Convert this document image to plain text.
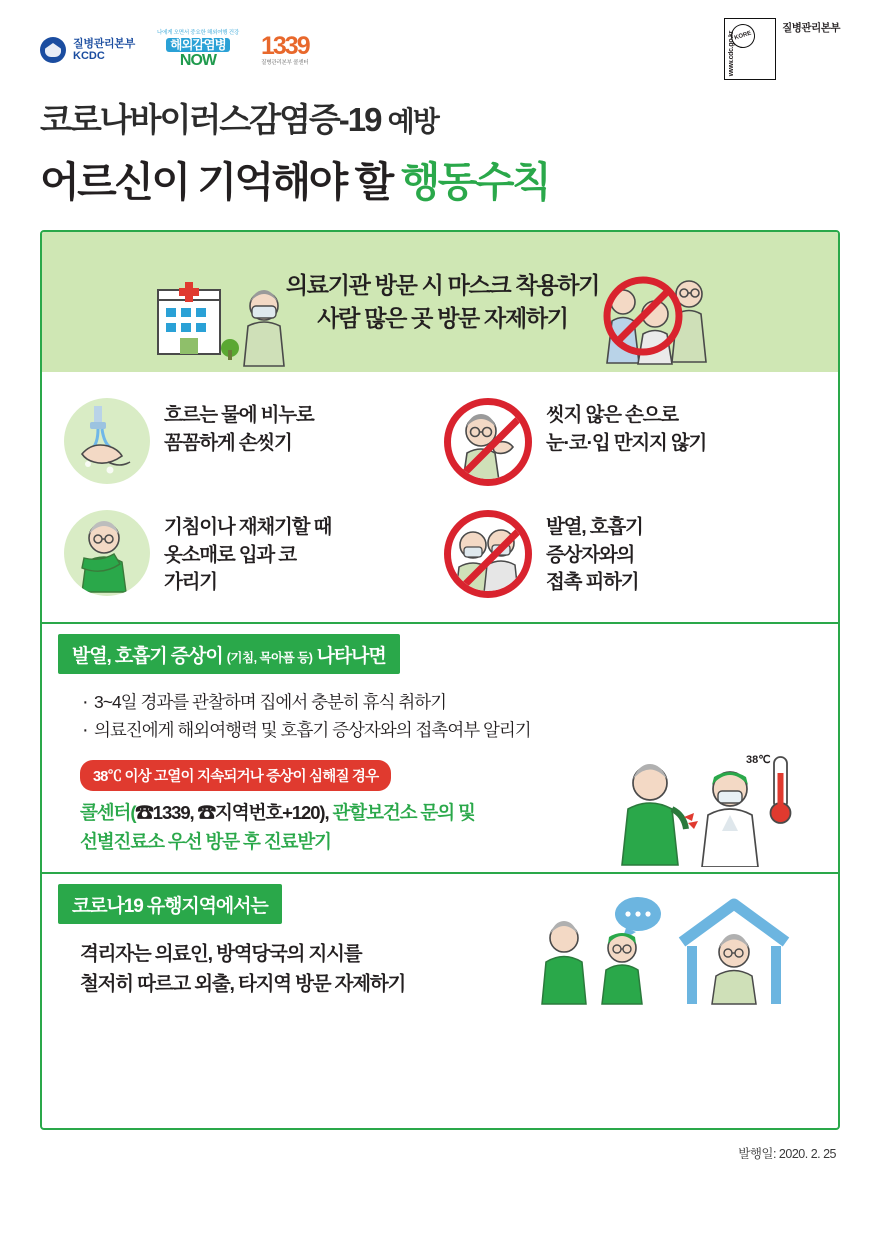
질병관리본부
KCDC
나에게 오면서 중요한 해외여행 건강
해외감염병
NOW
1339
질병관리본부 콜센터
KORE
www.cdc.go.kr
질병관리본부
코로나바이러스감염증-19 예방
어르신이 기억해야 할 행동수칙
의료기관 방문 시 마스크 착용하기
사람 많은 곳 방문 자제하기
흐르는 물에 비누로
꼼꼼하게 손씻기
씻지 않은 손으로
눈·코·입 만지지 않기
기침이나 재채기할 때
옷소매로 입과 코
가리기
발열, 호흡기
증상자와의
접촉 피하기
발열, 호흡기 증상이 (기침, 목아픔 등) 나타나면
· 3~4일 경과를 관찰하며 집에서 충분히 휴식 취하기
· 의료진에게 해외여행력 및 호흡기 증상자와의 접촉여부 알리기
38℃ 이상 고열이 지속되거나 증상이 심해질 경우
콜센터(☎1339, ☎지역번호+120), 관할보건소 문의 및
선별진료소 우선 방문 후 진료받기
38℃
코로나19 유행지역에서는

격리자는 의료인, 방역당국의 지시를

철저히 따르고 외출, 타지역 방문 자제하기

발행일: 2020. 2. 25
